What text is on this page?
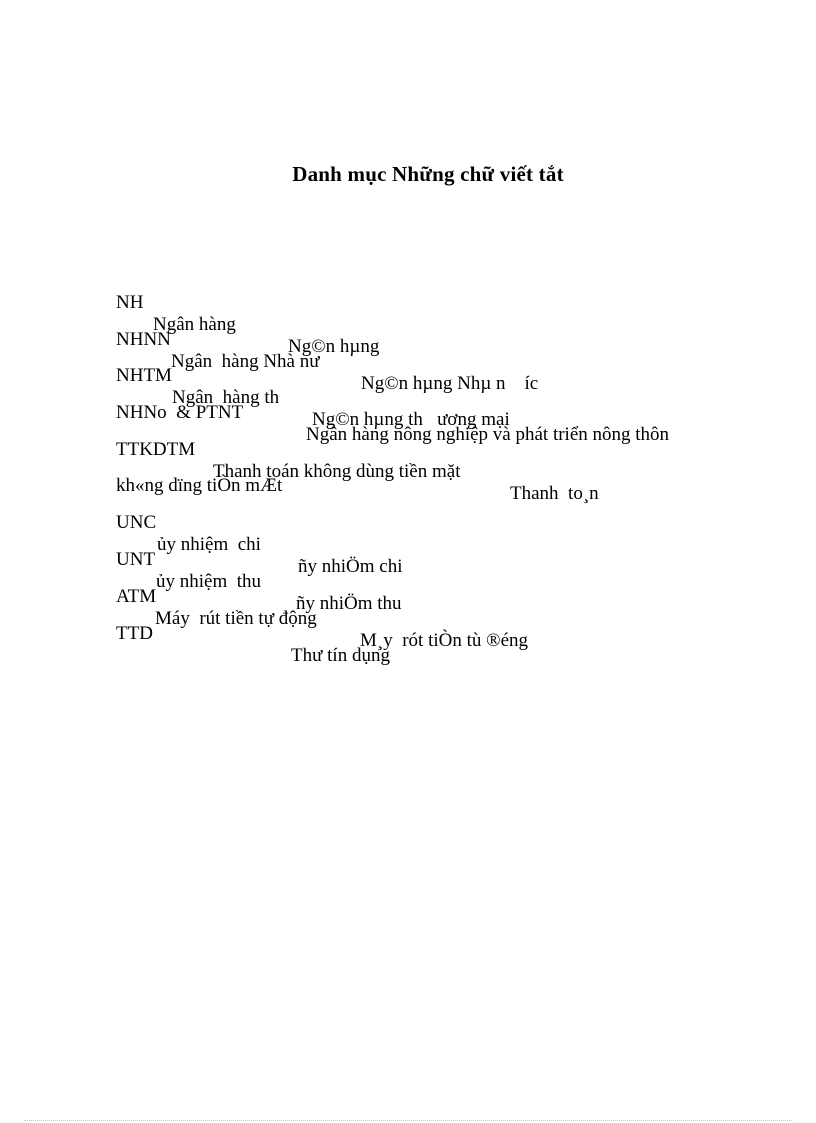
Danh mục Những chữ viết tắt

NH

Ngân hàng

Ng©n hµng

NHNN

Ngân  hàng Nhà nư

Ng©n hµng Nhµ n    íc

NHTM

Ngân  hàng th

Ng©n hµng th   ương mại

NHNo  & PTNT

Ngân hàng nông nghiệp và phát triển nông thôn

TTKDTM

Thanh toán không dùng tiền mặt

Thanh  to¸n

kh«ng dïng tiÒn mÆt

UNC

ủy nhiệm  chi

ñy nhiÖm chi

UNT

ủy nhiệm  thu

ñy nhiÖm thu

ATM

Máy  rút tiền tự động

M¸y  rót tiÒn tù ®éng

TTD

Thư tín dụng
